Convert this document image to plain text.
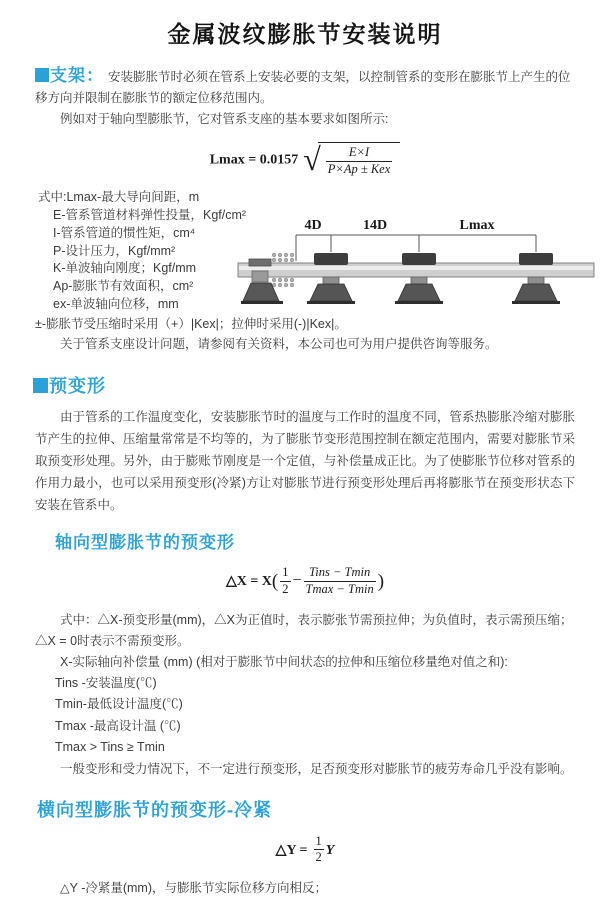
金属波纹膨胀节安装说明

支架： 安装膨胀节时必须在管系上安装必要的支架，以控制管系的变形在膨胀节上产生的位移方向并限制在膨胀节的额定位移范围内。

例如对于轴向型膨胀节，它对管系支座的基本要求如图所示:

Lmax = 0.0157 √ $\frac{E\times I}{\text{P×Ap ± Kex}}$
式中:Lmax-最大导向间距，m
E-管系管道材料弹性投量，Kgf/cm²
I-管系管道的惯性矩，cm⁴
P-设计压力，Kgf/mm²
K-单波轴向刚度；Kgf/mm
Ap-膨胀节有效面积，cm²
ex-单波轴向位移，mm
4D	14D	Lmax

±-膨胀节受压缩时采用（+）|Kex|；拉伸时采用(-)|Kex|。

关于管系支座设计问题，请参阅有关资料，本公司也可为用户提供咨询等服务。

预变形

由于管系的工作温度变化，安装膨胀节时的温度与工作时的温度不同，管系热膨胀冷缩对膨胀节产生的拉伸、压缩量常常是不均等的，为了膨胀节变形范围控制在额定范围内，需要对膨胀节采取预变形处理。另外，由于膨账节刚度是一个定值，与补偿量成正比。为了使膨胀节位移对管系的作用力最小，也可以采用预变形(冷紧)方让对膨胀节进行预变形处理后再将膨胀节在预变形状态下安装在管系中。

轴向型膨胀节的预变形
△X = $X( \frac{1}{2} - \frac{\text{Tins − Tmin}}{Tmax - Tmin}$ )

式中：△X-预变形量(mm)，△X为正值时，表示膨张节需预拉伸；为负值时，表示需预压缩；△X = 0时表示不需预变形。

X-实际轴向补偿量 (mm) (相对于膨胀节中间状态的拉伸和压缩位移量绝对值之和):

Tins -安装温度(℃)
Tmin-最低设计温度(℃)
Tmax -最高设计温 (℃)
Tmax > Tins ≥ Tmin

一般变形和受力情况下，不一定进行预变形，足否预变形对膨胀节的疲劳寿命几乎没有影响。

横向型膨胀节的预变形-冷紧
△Y = $\frac{1}{2}$ Y

△Y -冷紧量(mm)，与膨胀节实际位移方向相反；
